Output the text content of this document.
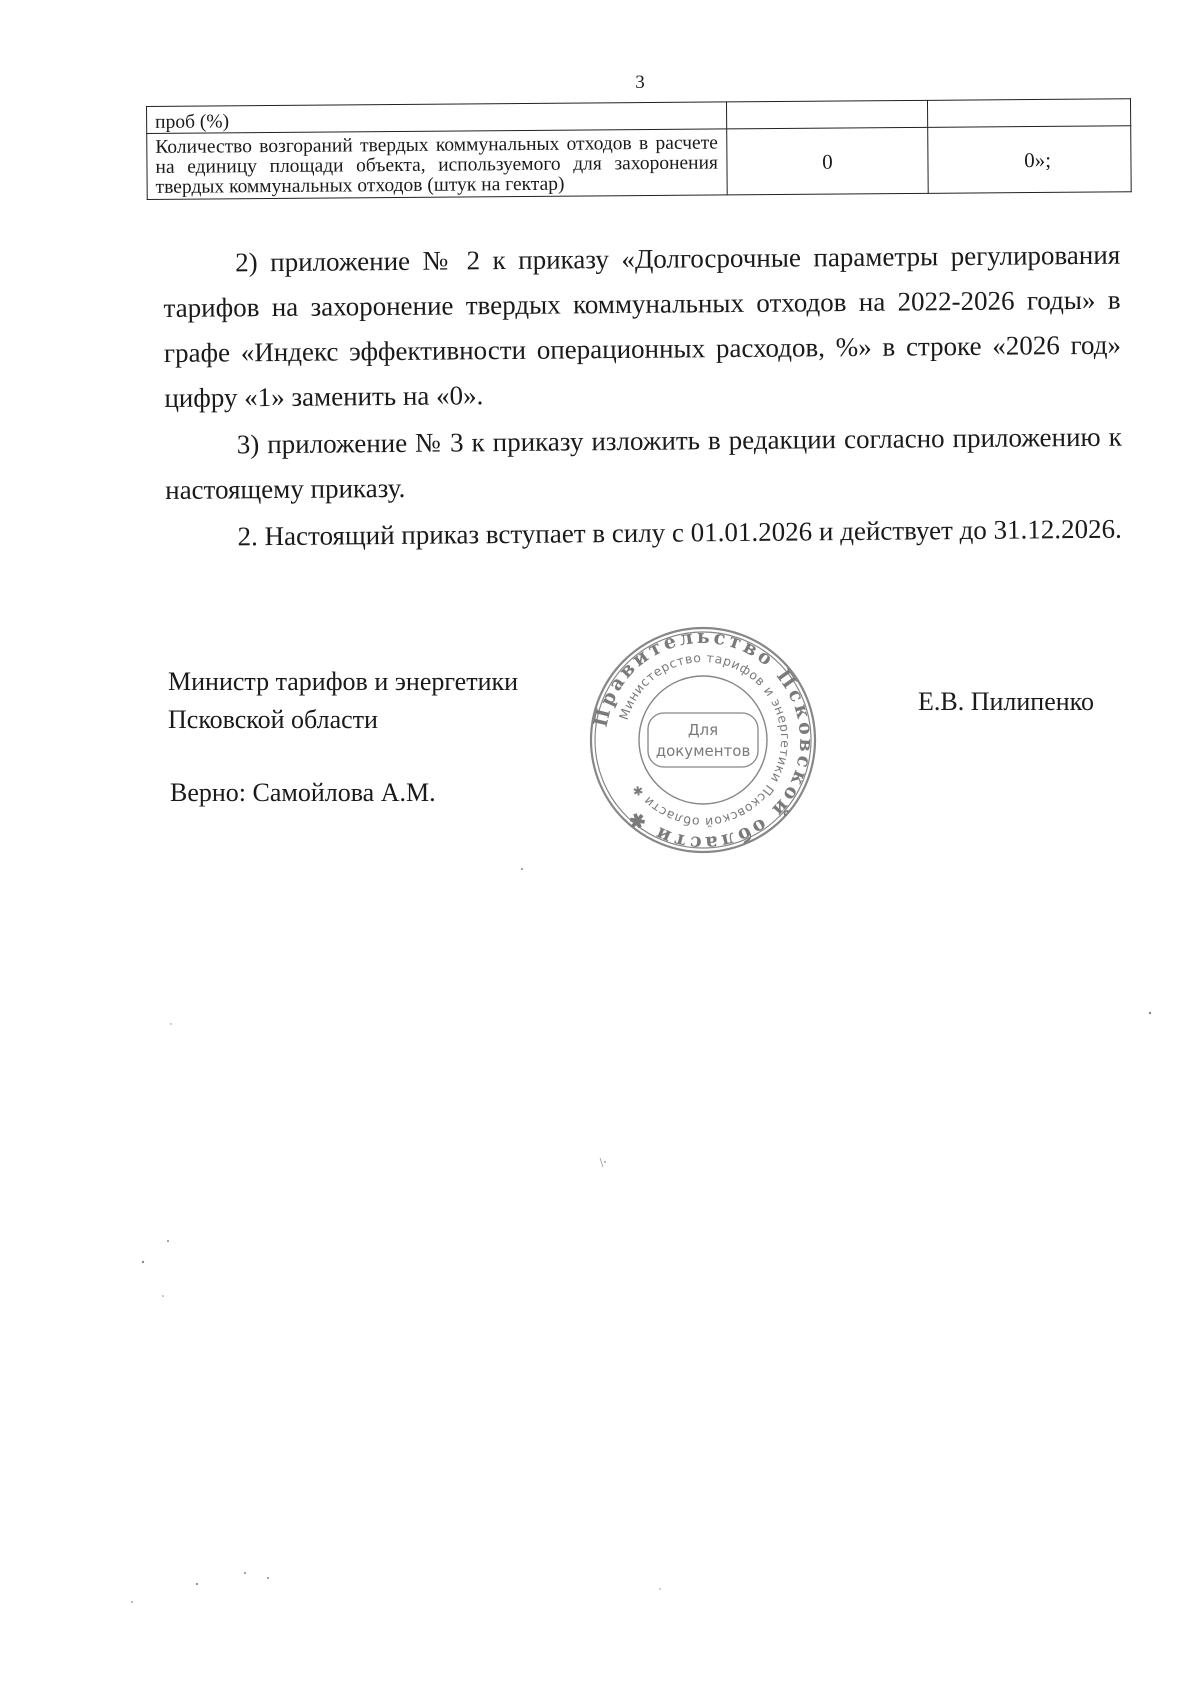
3
проб (%)		
Количество возгораний твердых коммунальных отходов в расчете на единицу площади объекта, используемого для захоронения твердых коммунальных отходов (штук на гектар)	0	0»;

2) приложение № 2 к приказу «Долгосрочные параметры регулирования тарифов на захоронение твердых коммунальных отходов на 2022-2026 годы» в графе «Индекс эффективности операционных расходов, %» в строке «2026 год» цифру «1» заменить на «0».

3) приложение № 3 к приказу изложить в редакции согласно приложению к настоящему приказу.

2. Настоящий приказ вступает в силу с 01.01.2026 и действует до 31.12.2026.

Министр тарифов и энергетики
Псковской области
Верно: Самойлова А.М.
Е.В. Пилипенко
Правительство Псковской области ✱
Министерство тарифов и энергетики Псковской области ✱
Для
документов
